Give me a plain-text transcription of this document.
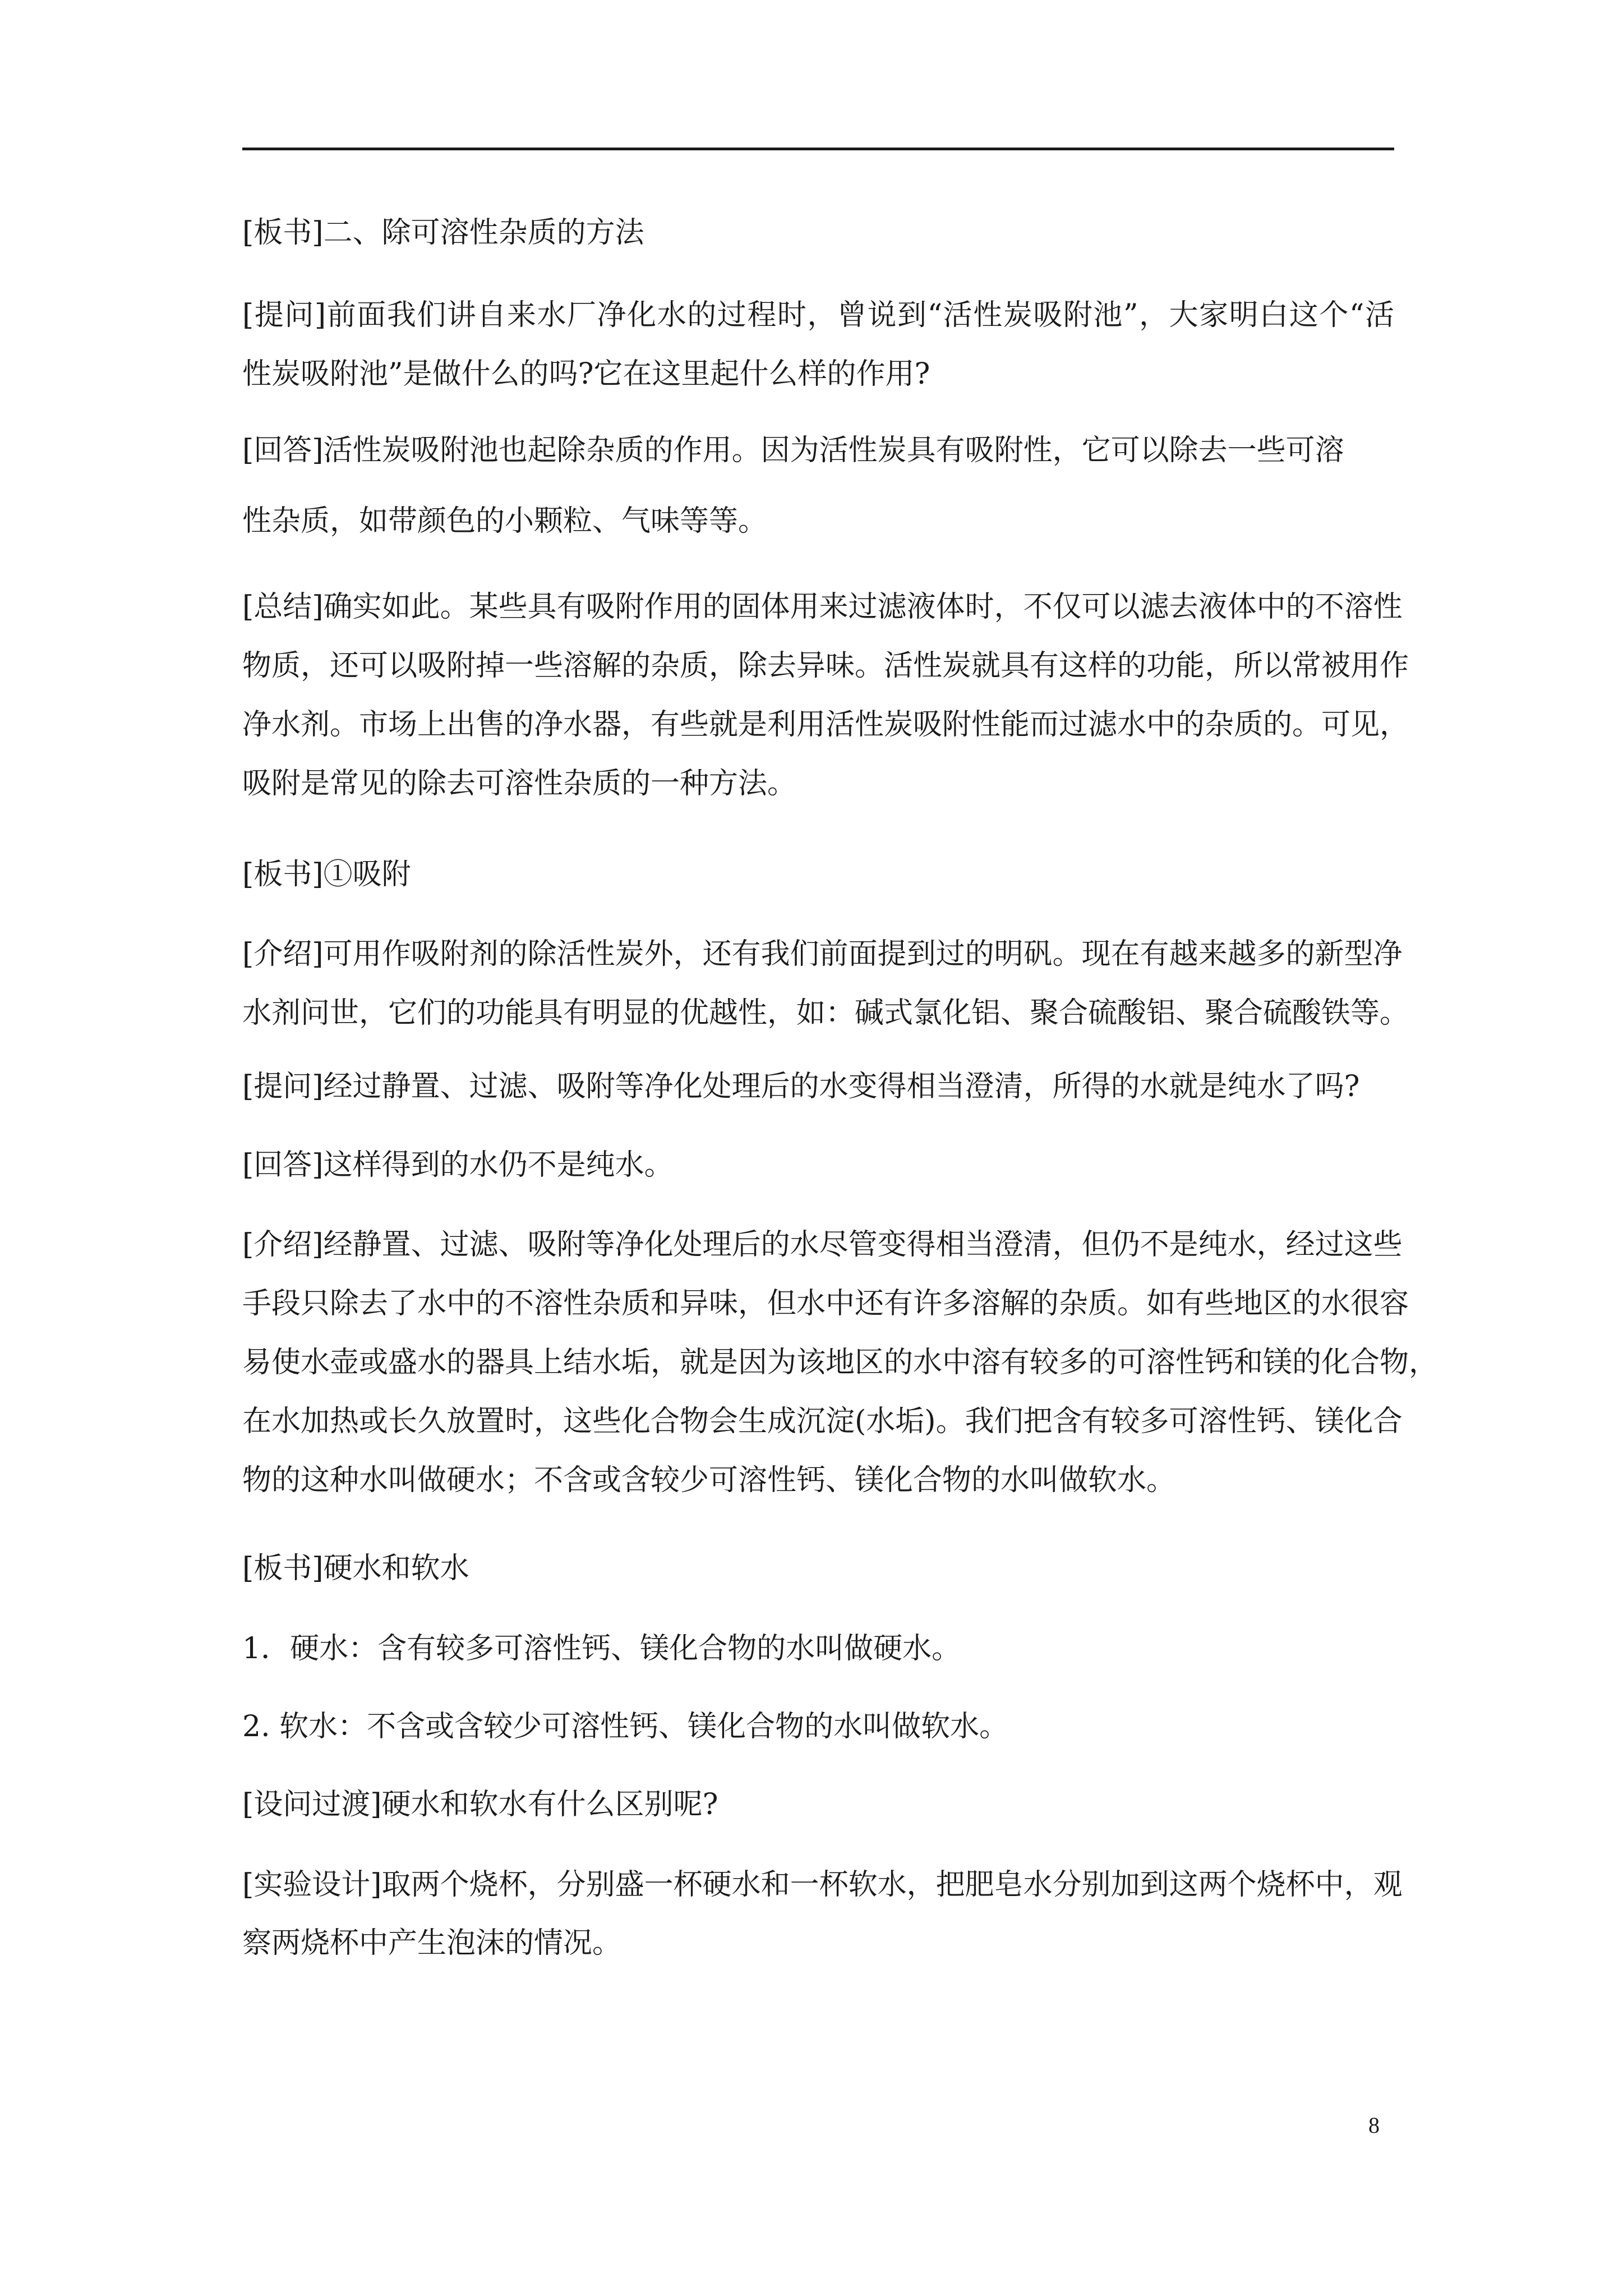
[板书]二、除可溶性杂质的方法
[提问]前面我们讲自来水厂净化水的过程时，曾说到“活性炭吸附池”，大家明白这个“活
性炭吸附池”是做什么的吗?它在这里起什么样的作用?
[回答]活性炭吸附池也起除杂质的作用。因为活性炭具有吸附性，它可以除去一些可溶
性杂质，如带颜色的小颗粒、气味等等。
[总结]确实如此。某些具有吸附作用的固体用来过滤液体时，不仅可以滤去液体中的不溶性
物质，还可以吸附掉一些溶解的杂质，除去异味。活性炭就具有这样的功能，所以常被用作
净水剂。市场上出售的净水器，有些就是利用活性炭吸附性能而过滤水中的杂质的。可见，
吸附是常见的除去可溶性杂质的一种方法。
[板书]①吸附
[介绍]可用作吸附剂的除活性炭外，还有我们前面提到过的明矾。现在有越来越多的新型净
水剂问世，它们的功能具有明显的优越性，如：碱式氯化铝、聚合硫酸铝、聚合硫酸铁等。
[提问]经过静置、过滤、吸附等净化处理后的水变得相当澄清，所得的水就是纯水了吗?
[回答]这样得到的水仍不是纯水。
[介绍]经静置、过滤、吸附等净化处理后的水尽管变得相当澄清，但仍不是纯水，经过这些
手段只除去了水中的不溶性杂质和异味，但水中还有许多溶解的杂质。如有些地区的水很容
易使水壶或盛水的器具上结水垢，就是因为该地区的水中溶有较多的可溶性钙和镁的化合物，
在水加热或长久放置时，这些化合物会生成沉淀(水垢)。我们把含有较多可溶性钙、镁化合
物的这种水叫做硬水；不含或含较少可溶性钙、镁化合物的水叫做软水。
[板书]硬水和软水
1．硬水：含有较多可溶性钙、镁化合物的水叫做硬水。
2. 软水：不含或含较少可溶性钙、镁化合物的水叫做软水。
[设问过渡]硬水和软水有什么区别呢?
[实验设计]取两个烧杯，分别盛一杯硬水和一杯软水，把肥皂水分别加到这两个烧杯中，观
察两烧杯中产生泡沫的情况。
8
